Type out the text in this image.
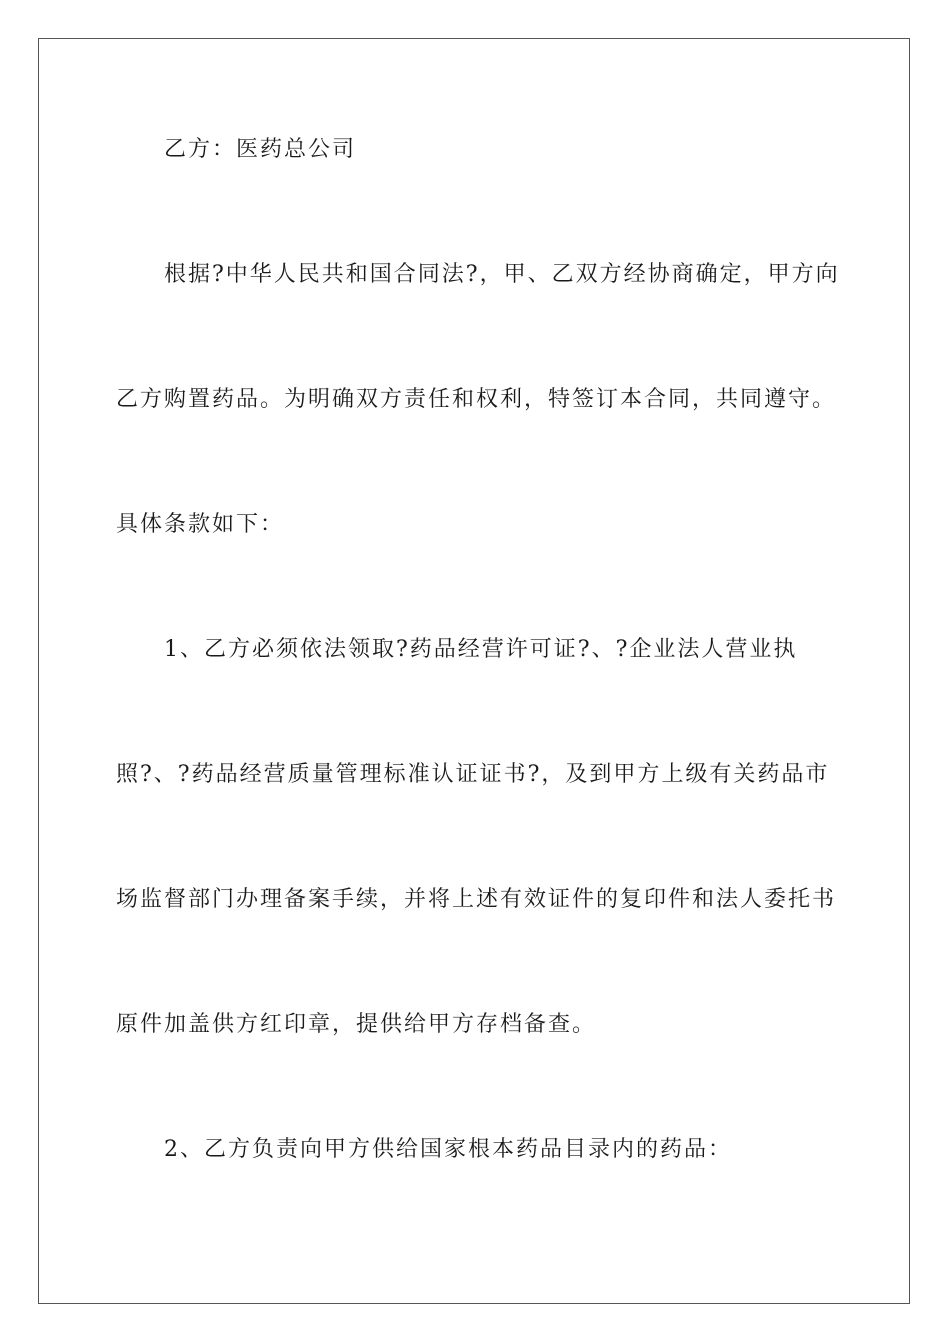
乙方：医药总公司
根据?中华人民共和国合同法?，甲、乙双方经协商确定，甲方向
乙方购置药品。为明确双方责任和权利，特签订本合同，共同遵守。
具体条款如下：
1、乙方必须依法领取?药品经营许可证?、?企业法人营业执
照?、?药品经营质量管理标准认证证书?，及到甲方上级有关药品市
场监督部门办理备案手续，并将上述有效证件的复印件和法人委托书
原件加盖供方红印章，提供给甲方存档备查。
2、乙方负责向甲方供给国家根本药品目录内的药品：
